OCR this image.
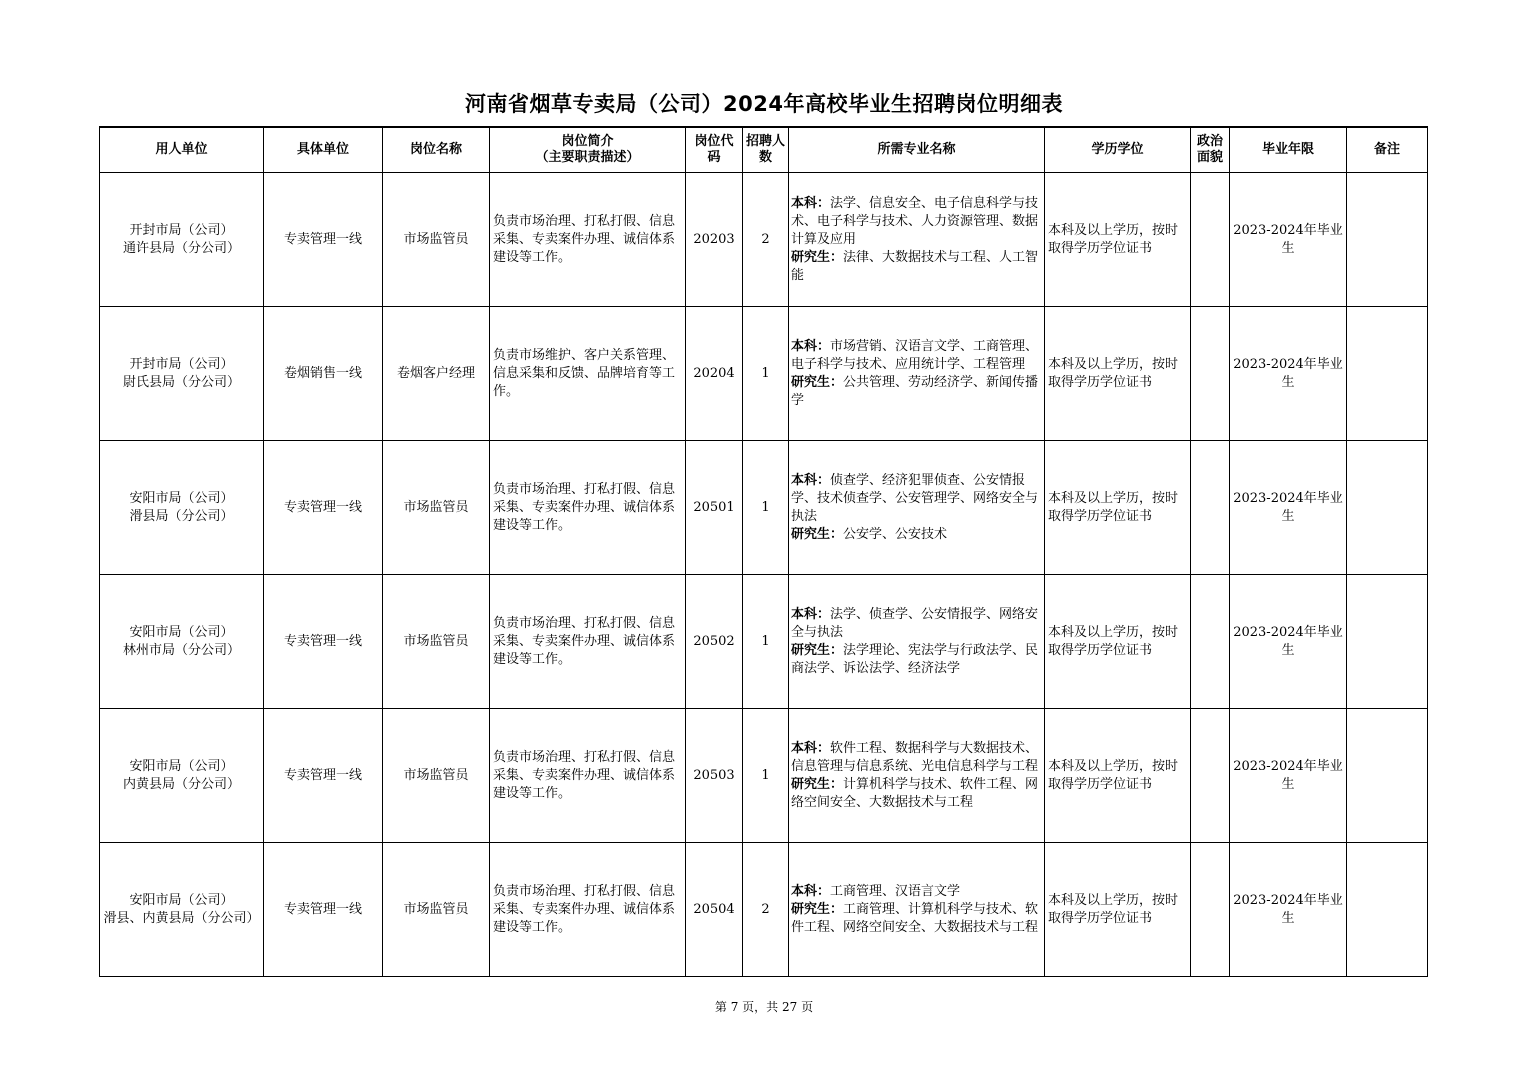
河南省烟草专卖局（公司）2024年高校毕业生招聘岗位明细表
用人单位	具体单位	岗位名称	岗位简介
（主要职责描述）	岗位代码	招聘人数	所需专业名称	学历学位	政治面貌	毕业年限	备注

开封市局（公司）
通许县局（分公司）	专卖管理一线	市场监管员	负责市场治理、打私打假、信息采集、专卖案件办理、诚信体系建设等工作。	20203	2	本科：法学、信息安全、电子信息科学与技术、电子科学与技术、人力资源管理、数据计算及应用
研究生：法律、大数据技术与工程、人工智能	本科及以上学历，按时取得学历学位证书		2023-2024年毕业生	

开封市局（公司）
尉氏县局（分公司）	卷烟销售一线	卷烟客户经理	负责市场维护、客户关系管理、信息采集和反馈、品牌培育等工作。	20204	1	本科：市场营销、汉语言文学、工商管理、电子科学与技术、应用统计学、工程管理
研究生：公共管理、劳动经济学、新闻传播学	本科及以上学历，按时取得学历学位证书		2023-2024年毕业生	

安阳市局（公司）
滑县局（分公司）	专卖管理一线	市场监管员	负责市场治理、打私打假、信息采集、专卖案件办理、诚信体系建设等工作。	20501	1	本科：侦查学、经济犯罪侦查、公安情报学、技术侦查学、公安管理学、网络安全与执法
研究生：公安学、公安技术	本科及以上学历，按时取得学历学位证书		2023-2024年毕业生	

安阳市局（公司）
林州市局（分公司）	专卖管理一线	市场监管员	负责市场治理、打私打假、信息采集、专卖案件办理、诚信体系建设等工作。	20502	1	本科：法学、侦查学、公安情报学、网络安全与执法
研究生：法学理论、宪法学与行政法学、民商法学、诉讼法学、经济法学	本科及以上学历，按时取得学历学位证书		2023-2024年毕业生	

安阳市局（公司）
内黄县局（分公司）	专卖管理一线	市场监管员	负责市场治理、打私打假、信息采集、专卖案件办理、诚信体系建设等工作。	20503	1	本科：软件工程、数据科学与大数据技术、信息管理与信息系统、光电信息科学与工程
研究生：计算机科学与技术、软件工程、网络空间安全、大数据技术与工程	本科及以上学历，按时取得学历学位证书		2023-2024年毕业生	

安阳市局（公司）
滑县、内黄县局（分公司）	专卖管理一线	市场监管员	负责市场治理、打私打假、信息采集、专卖案件办理、诚信体系建设等工作。	20504	2	本科：工商管理、汉语言文学
研究生：工商管理、计算机科学与技术、软件工程、网络空间安全、大数据技术与工程	本科及以上学历，按时取得学历学位证书		2023-2024年毕业生	
第 7 页，共 27 页
